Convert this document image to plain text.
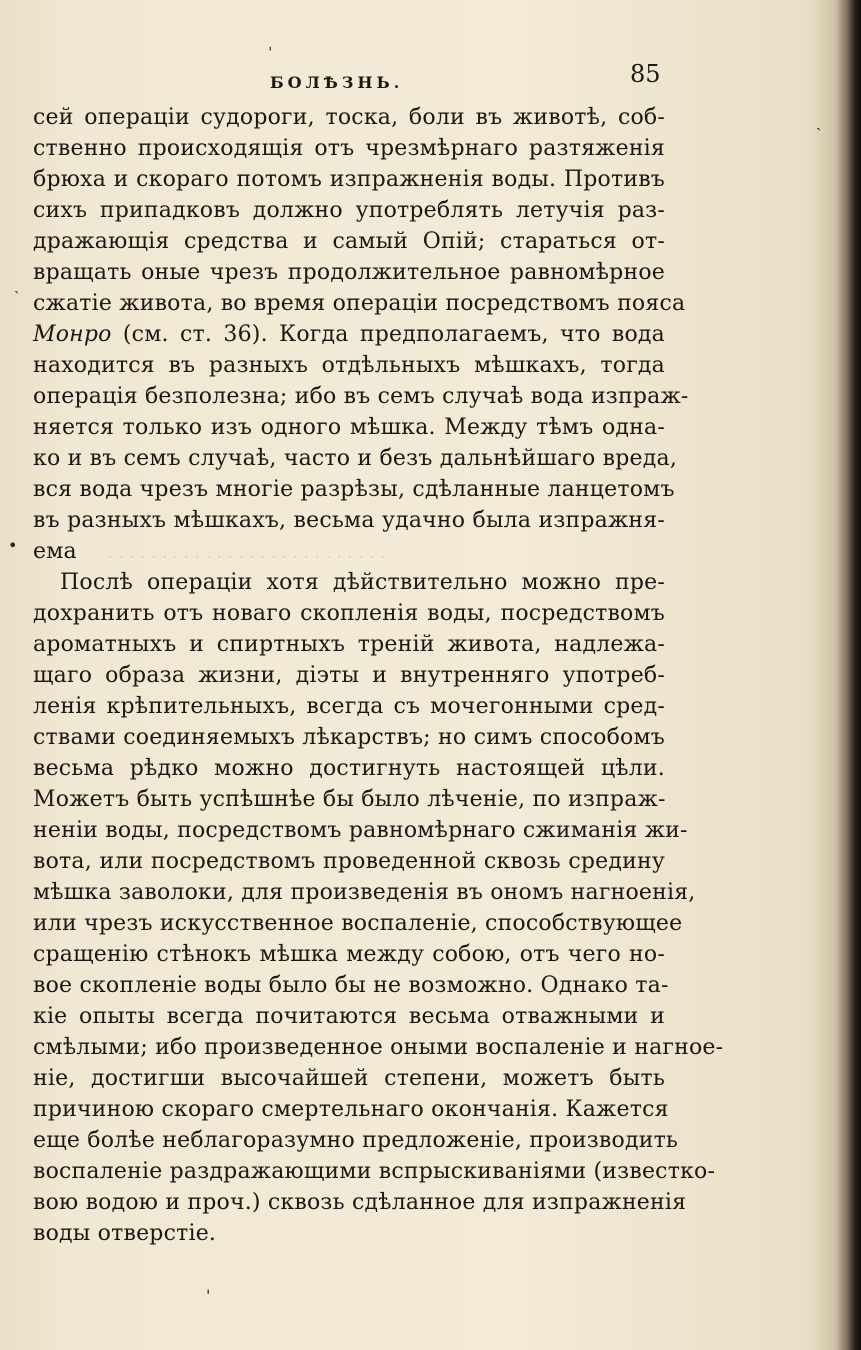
ˈ
БОЛѢЗНЬ.	85
ˎ
ˎ
•
'
· · · · · · · · · · · · · · · · · · · · · · · · · ·
сей операціи судороги, тоска, боли въ животѣ, соб-
ственно происходящія отъ чрезмѣрнаго разтяженія
брюха и скораго потомъ изпражненія воды. Противъ
сихъ припадковъ должно употреблять летучія раз-
дражающія средства и самый Опій; стараться от-
вращать оные чрезъ продолжительное равномѣрное
сжатіе живота, во время операціи посредствомъ пояса
Монро (см. ст. 36). Когда предполагаемъ, что вода
находится въ разныхъ отдѣльныхъ мѣшкахъ, тогда
операція безполезна; ибо въ семъ случаѣ вода изпраж-
няется только изъ одного мѣшка. Между тѣмъ одна-
ко и въ семъ случаѣ, часто и безъ дальнѣйшаго вреда,
вся вода чрезъ многіе разрѣзы, сдѣланные ланцетомъ
въ разныхъ мѣшкахъ, весьма удачно была изпражня-
ема
Послѣ операціи хотя дѣйствительно можно пре-
дохранить отъ новаго скопленія воды, посредствомъ
ароматныхъ и спиртныхъ треній живота, надлежа-
щаго образа жизни, діэты и внутренняго употреб-
ленія крѣпительныхъ, всегда съ мочегонными сред-
ствами соединяемыхъ лѣкарствъ; но симъ способомъ
весьма рѣдко можно достигнуть настоящей цѣли.
Можетъ быть успѣшнѣе бы было лѣченіе, по изпраж-
неніи воды, посредствомъ равномѣрнаго сжиманія жи-
вота, или посредствомъ проведенной сквозь средину
мѣшка заволоки, для произведенія въ ономъ нагноенія,
или чрезъ искусственное воспаленіе, способствующее
сращенію стѣнокъ мѣшка между собою, отъ чего но-
вое скопленіе воды было бы не возможно. Однако та-
кіе опыты всегда почитаются весьма отважными и
смѣлыми; ибо произведенное оными воспаленіе и нагное-
ніе, достигши высочайшей степени, можетъ быть
причиною скораго смертельнаго окончанія. Кажется
еще болѣе неблагоразумно предложеніе, производить
воспаленіе раздражающими вспрыскиваніями (известко-
вою водою и проч.) сквозь сдѣланное для изпражненія
воды отверстіе.
